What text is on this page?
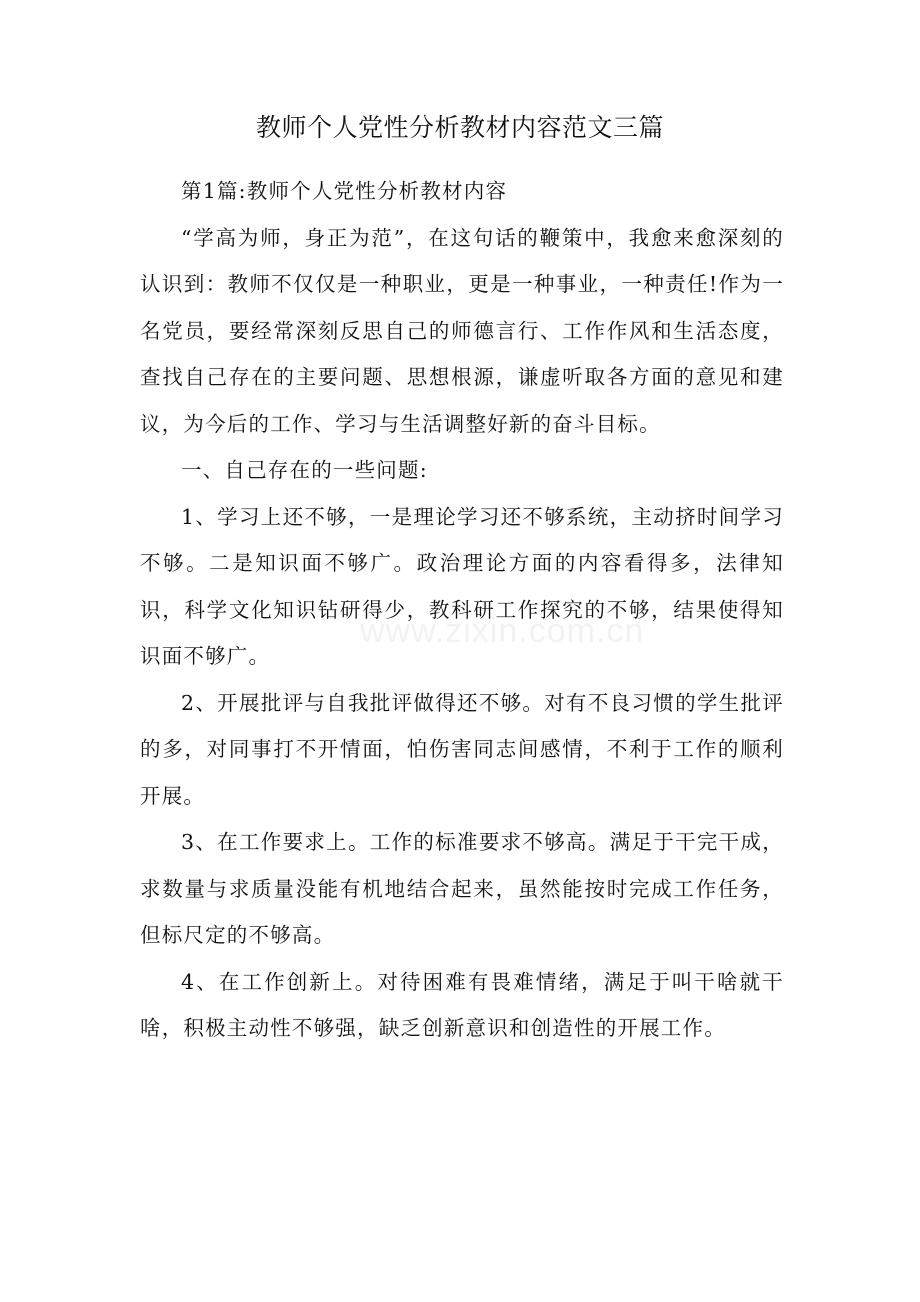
教师个人党性分析教材内容范文三篇

第1篇:教师个人党性分析教材内容

“学高为师，身正为范”，在这句话的鞭策中，我愈来愈深刻的认识到：教师不仅仅是一种职业，更是一种事业，一种责任!作为一名党员，要经常深刻反思自己的师德言行、工作作风和生活态度，查找自己存在的主要问题、思想根源，谦虚听取各方面的意见和建议，为今后的工作、学习与生活调整好新的奋斗目标。

一、自己存在的一些问题:

1、学习上还不够，一是理论学习还不够系统，主动挤时间学习不够。二是知识面不够广。政治理论方面的内容看得多，法律知识，科学文化知识钻研得少，教科研工作探究的不够，结果使得知识面不够广。

2、开展批评与自我批评做得还不够。对有不良习惯的学生批评的多，对同事打不开情面，怕伤害同志间感情，不利于工作的顺利开展。

3、在工作要求上。工作的标准要求不够高。满足于干完干成，求数量与求质量没能有机地结合起来，虽然能按时完成工作任务，但标尺定的不够高。

4、在工作创新上。对待困难有畏难情绪，满足于叫干啥就干啥，积极主动性不够强，缺乏创新意识和创造性的开展工作。

www.zixin.com.cn
